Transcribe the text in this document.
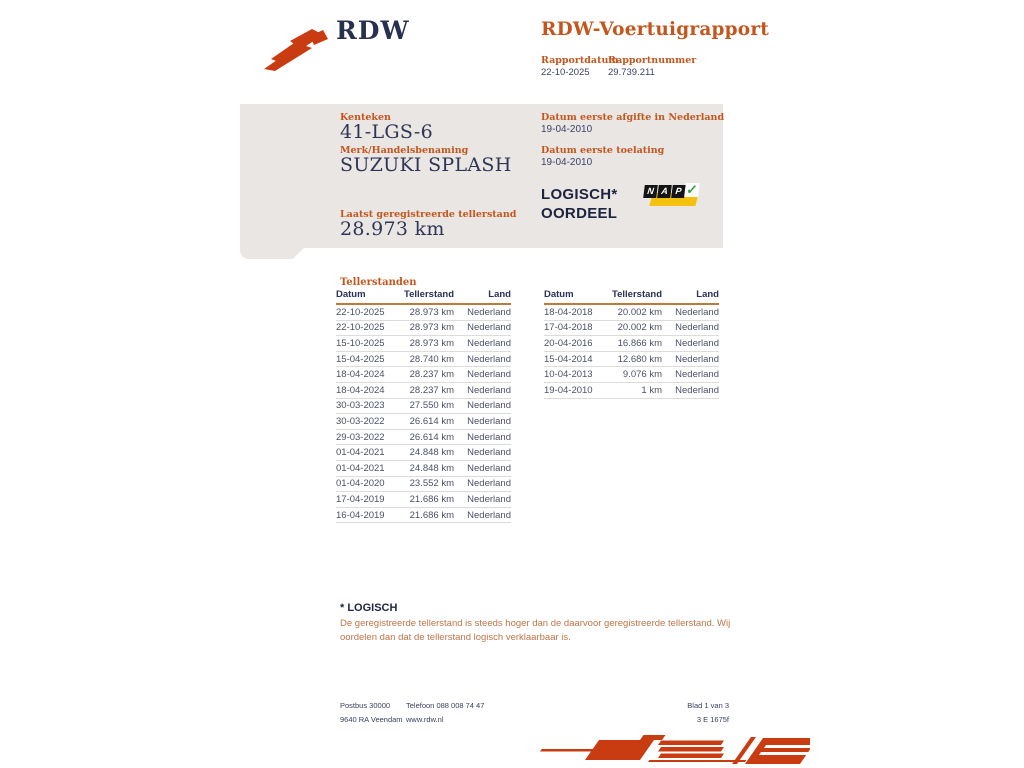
RDW	RDW-Voertuigrapport
Rapportdatum
22-10-2025
Rapportnummer
29.739.211
Kenteken
41-LGS-6
Merk/Handelsbenaming
SUZUKI SPLASH
Laatst geregistreerde tellerstand
28.973 km
Datum eerste afgifte in Nederland
19-04-2010
Datum eerste toelating
19-04-2010
LOGISCH*
OORDEEL
N A P ✓
Tellerstanden
Datum	Tellerstand	Land
22-10-2025	28.973 km	Nederland
22-10-2025	28.973 km	Nederland
15-10-2025	28.973 km	Nederland
15-04-2025	28.740 km	Nederland
18-04-2024	28.237 km	Nederland
18-04-2024	28.237 km	Nederland
30-03-2023	27.550 km	Nederland
30-03-2022	26.614 km	Nederland
29-03-2022	26.614 km	Nederland
01-04-2021	24.848 km	Nederland
01-04-2021	24.848 km	Nederland
01-04-2020	23.552 km	Nederland
17-04-2019	21.686 km	Nederland
16-04-2019	21.686 km	Nederland
Datum	Tellerstand	Land
18-04-2018	20.002 km	Nederland
17-04-2018	20.002 km	Nederland
20-04-2016	16.866 km	Nederland
15-04-2014	12.680 km	Nederland
10-04-2013	9.076 km	Nederland
19-04-2010	1 km	Nederland
* LOGISCH
De geregistreerde tellerstand is steeds hoger dan de daarvoor geregistreerde tellerstand. Wij oordelen dan dat de tellerstand logisch verklaarbaar is.
Postbus 30000
9640 RA Veendam
Telefoon 088 008 74 47
www.rdw.nl
Blad 1 van 3
3 E 1675f
